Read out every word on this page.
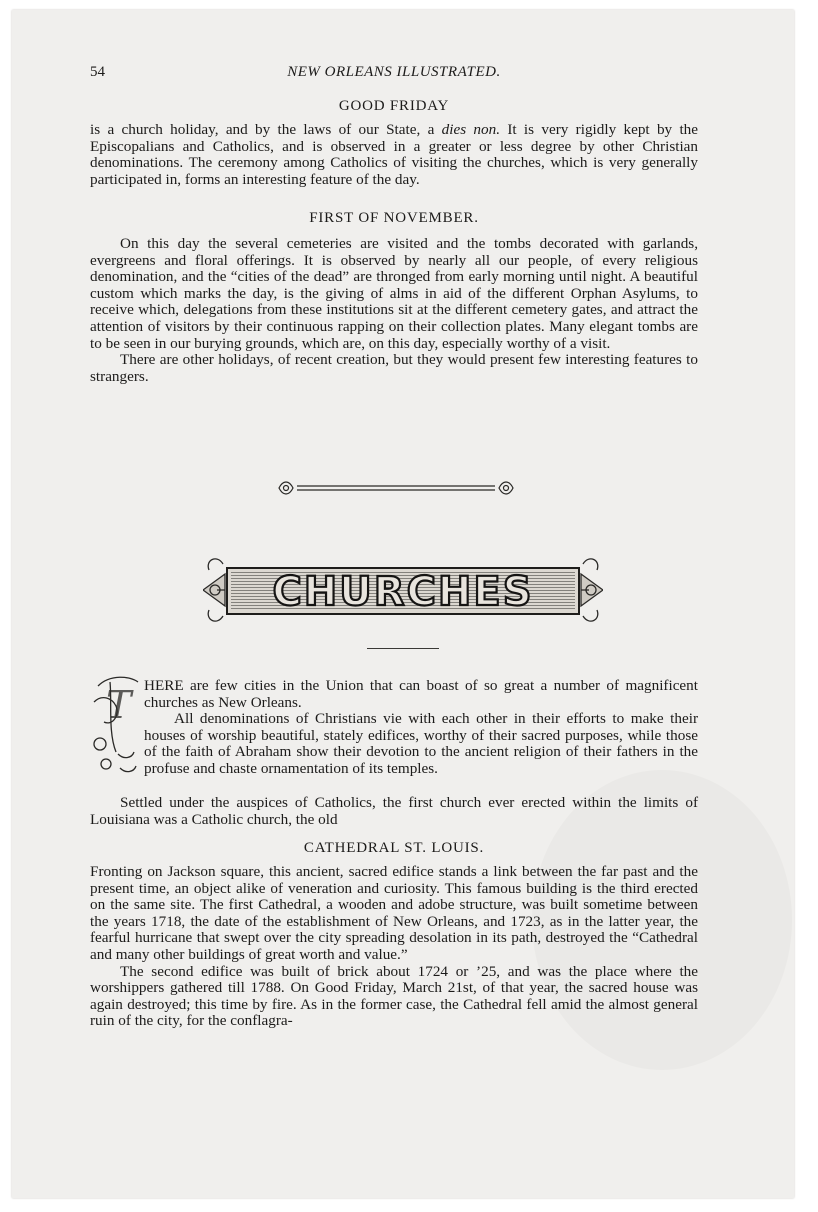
54	NEW ORLEANS ILLUSTRATED.
GOOD FRIDAY

is a church holiday, and by the laws of our State, a dies non. It is very rigidly kept by the Episcopalians and Catholics, and is observed in a greater or less degree by other Christian denominations. The ceremony among Catholics of visiting the churches, which is very generally participated in, forms an interesting feature of the day.

FIRST OF NOVEMBER.

On this day the several cemeteries are visited and the tombs decorated with garlands, evergreens and floral offerings. It is observed by nearly all our people, of every religious denomination, and the “cities of the dead” are thronged from early morning until night. A beautiful custom which marks the day, is the giving of alms in aid of the different Orphan Asylums, to receive which, delegations from these institutions sit at the different cemetery gates, and attract the attention of visitors by their continuous rapping on their collection plates. Many elegant tombs are to be seen in our burying grounds, which are, on this day, especially worthy of a visit.

There are other holidays, of recent creation, but they would present few interesting features to strangers.

CHURCHES
T HERE are few cities in the Union that can boast of so great a number of magnificent churches as New Orleans.

All denominations of Christians vie with each other in their efforts to make their houses of worship beautiful, stately edifices, worthy of their sacred purposes, while those of the faith of Abraham show their devotion to the ancient religion of their fathers in the profuse and chaste ornamentation of its temples.

Settled under the auspices of Catholics, the first church ever erected within the limits of Louisiana was a Catholic church, the old
CATHEDRAL ST. LOUIS.

Fronting on Jackson square, this ancient, sacred edifice stands a link between the far past and the present time, an object alike of veneration and curiosity. This famous building is the third erected on the same site. The first Cathedral, a wooden and adobe structure, was built sometime between the years 1718, the date of the establishment of New Orleans, and 1723, as in the latter year, the fearful hurricane that swept over the city spreading desolation in its path, destroyed the “Cathedral and many other buildings of great worth and value.”

The second edifice was built of brick about 1724 or ’25, and was the place where the worshippers gathered till 1788. On Good Friday, March 21st, of that year, the sacred house was again destroyed; this time by fire. As in the former case, the Cathedral fell amid the almost general ruin of the city, for the conflagra-
